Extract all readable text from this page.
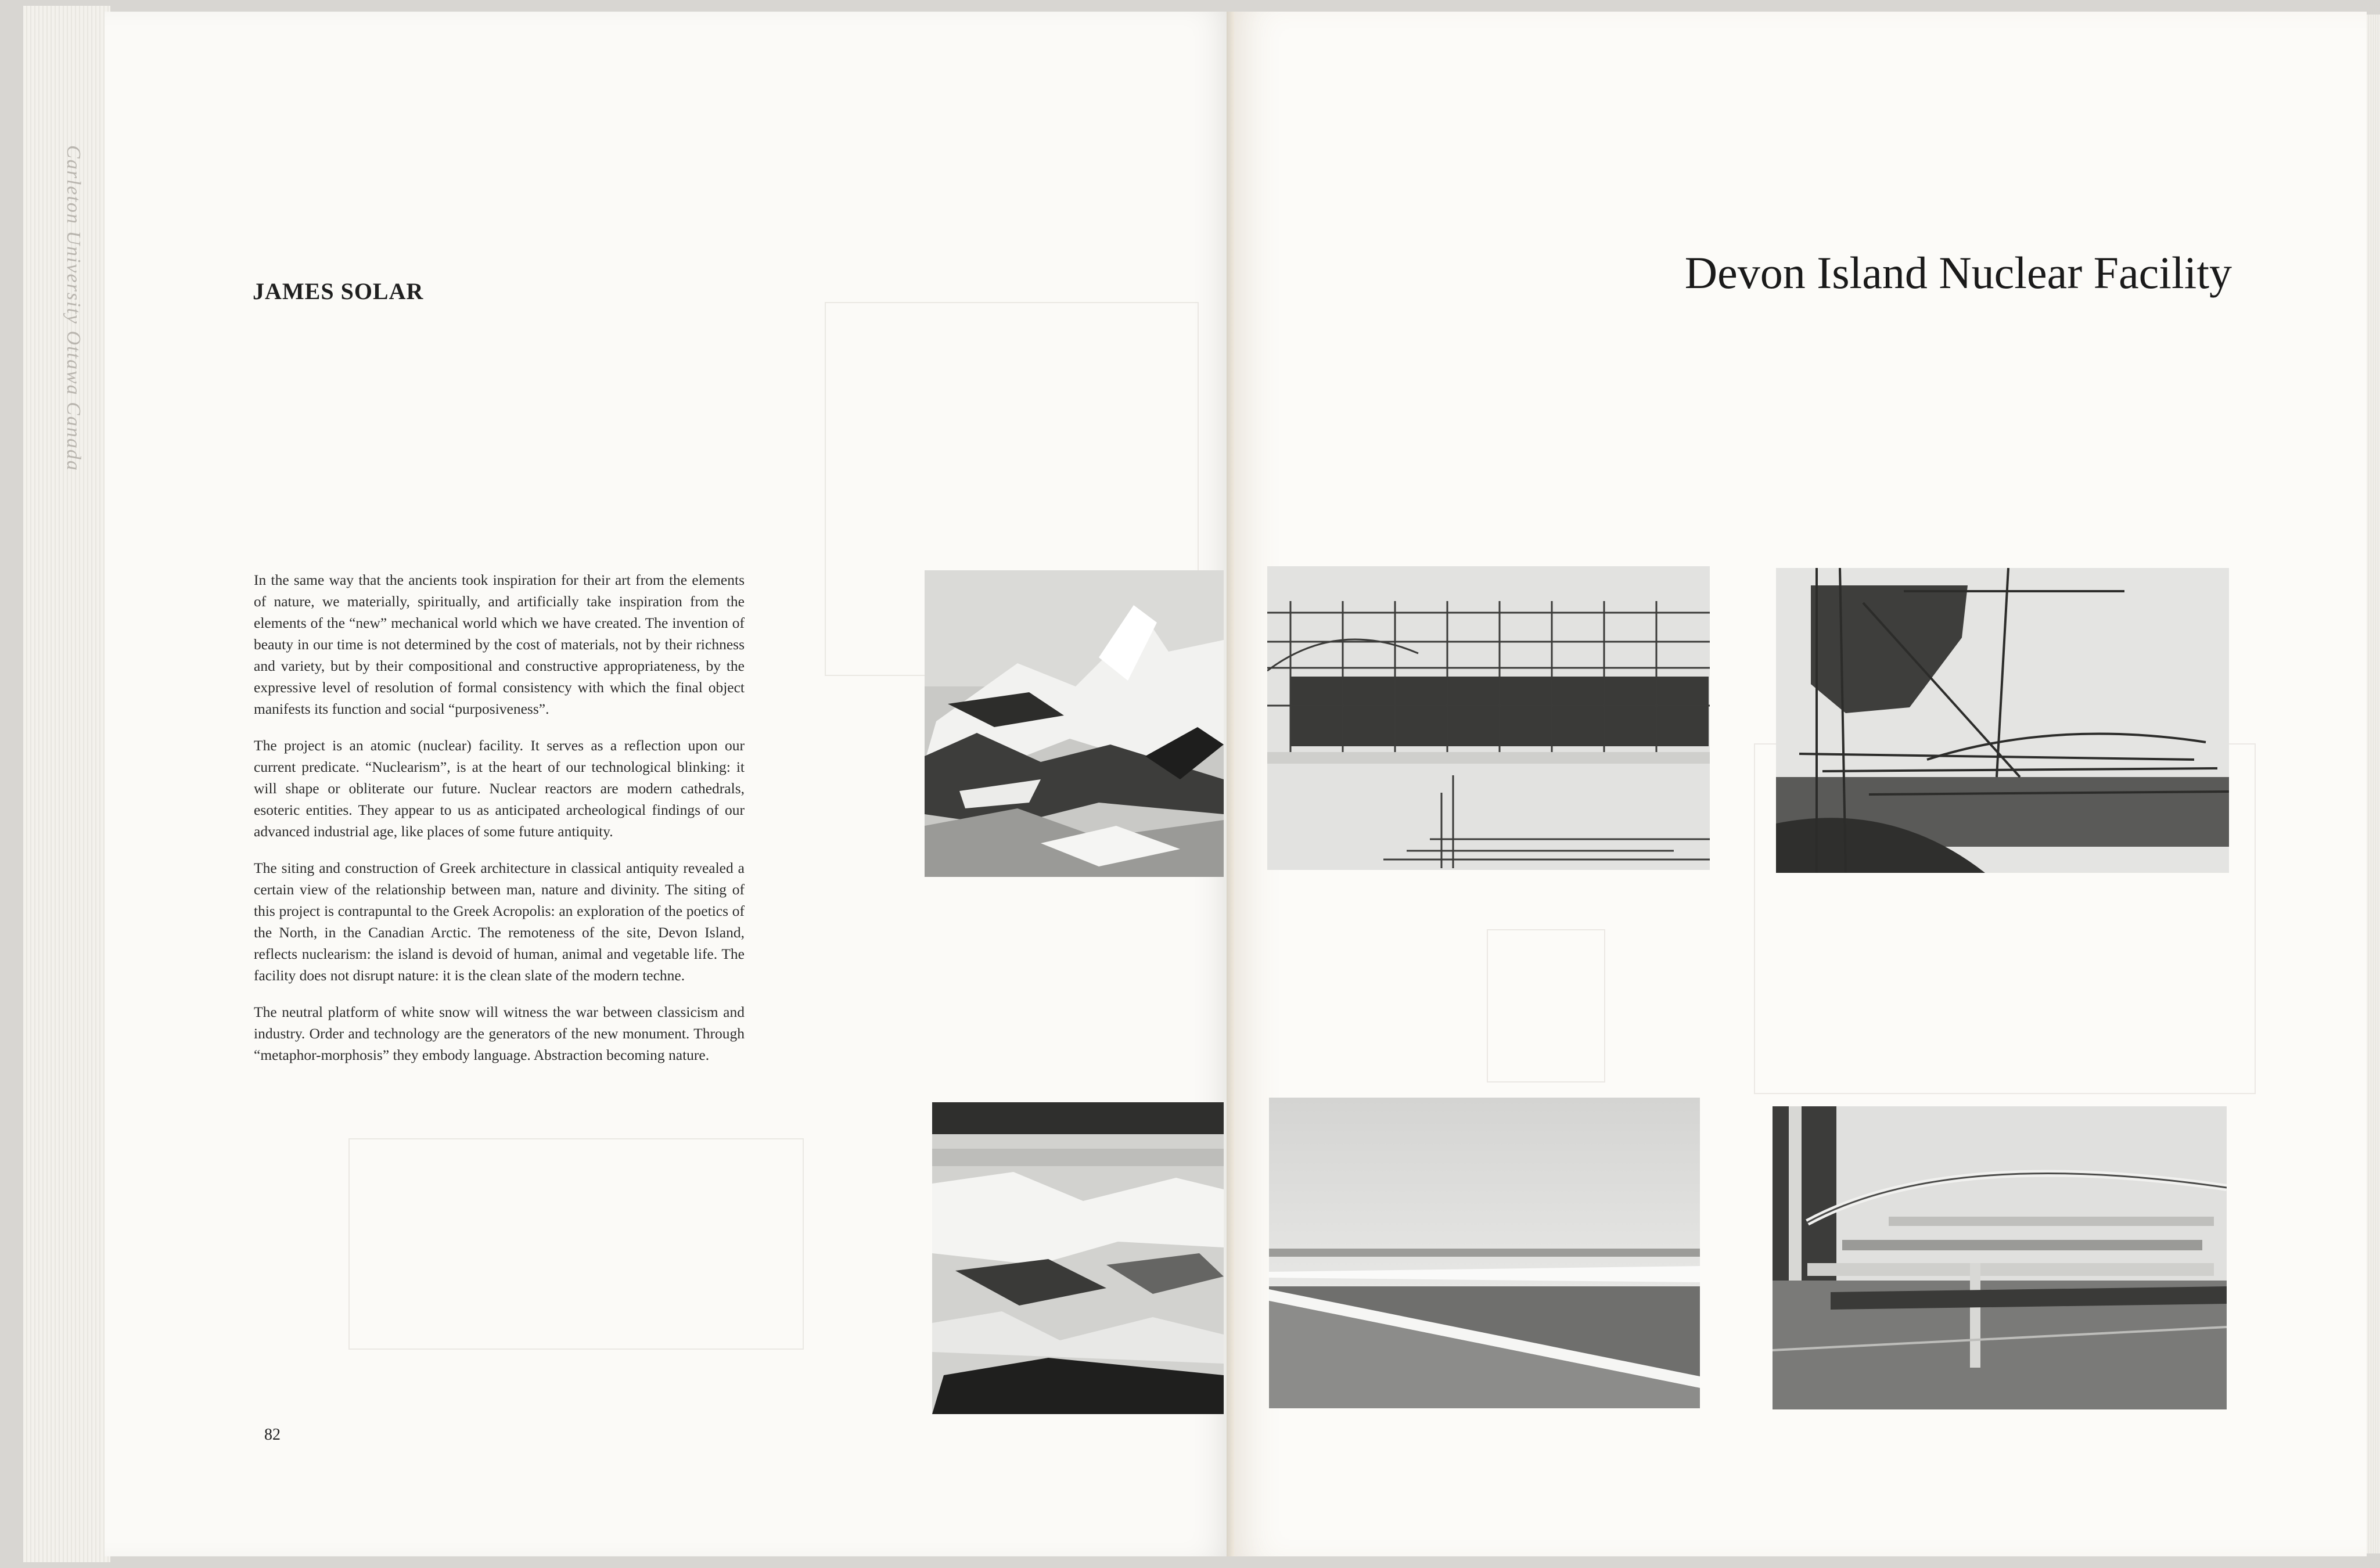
Carleton University Ottawa Canada	JAMES SOLAR

In the same way that the ancients took inspiration for their art from the elements of nature, we materially, spiritually, and artificially take inspiration from the elements of the “new” mechanical world which we have created. The invention of beauty in our time is not determined by the cost of materials, not by their richness and variety, but by their compositional and constructive appropriateness, by the expressive level of resolution of formal consistency with which the final object manifests its function and social “purposiveness”.

The project is an atomic (nuclear) facility. It serves as a reflection upon our current predicate. “Nuclearism”, is at the heart of our technological blinking: it will shape or obliterate our future. Nuclear reactors are modern cathedrals, esoteric entities. They appear to us as anticipated archeological findings of our advanced industrial age, like places of some future antiquity.

The siting and construction of Greek architecture in classical antiquity revealed a certain view of the relationship between man, nature and divinity. The siting of this project is contrapuntal to the Greek Acropolis: an exploration of the poetics of the North, in the Canadian Arctic. The remoteness of the site, Devon Island, reflects nuclearism: the island is devoid of human, animal and vegetable life. The facility does not disrupt nature: it is the clean slate of the modern techne.

The neutral platform of white snow will witness the war between classicism and industry. Order and technology are the generators of the new monument. Through “metaphor-morphosis” they embody language. Abstraction becoming nature.

82
Devon Island Nuclear Facility
